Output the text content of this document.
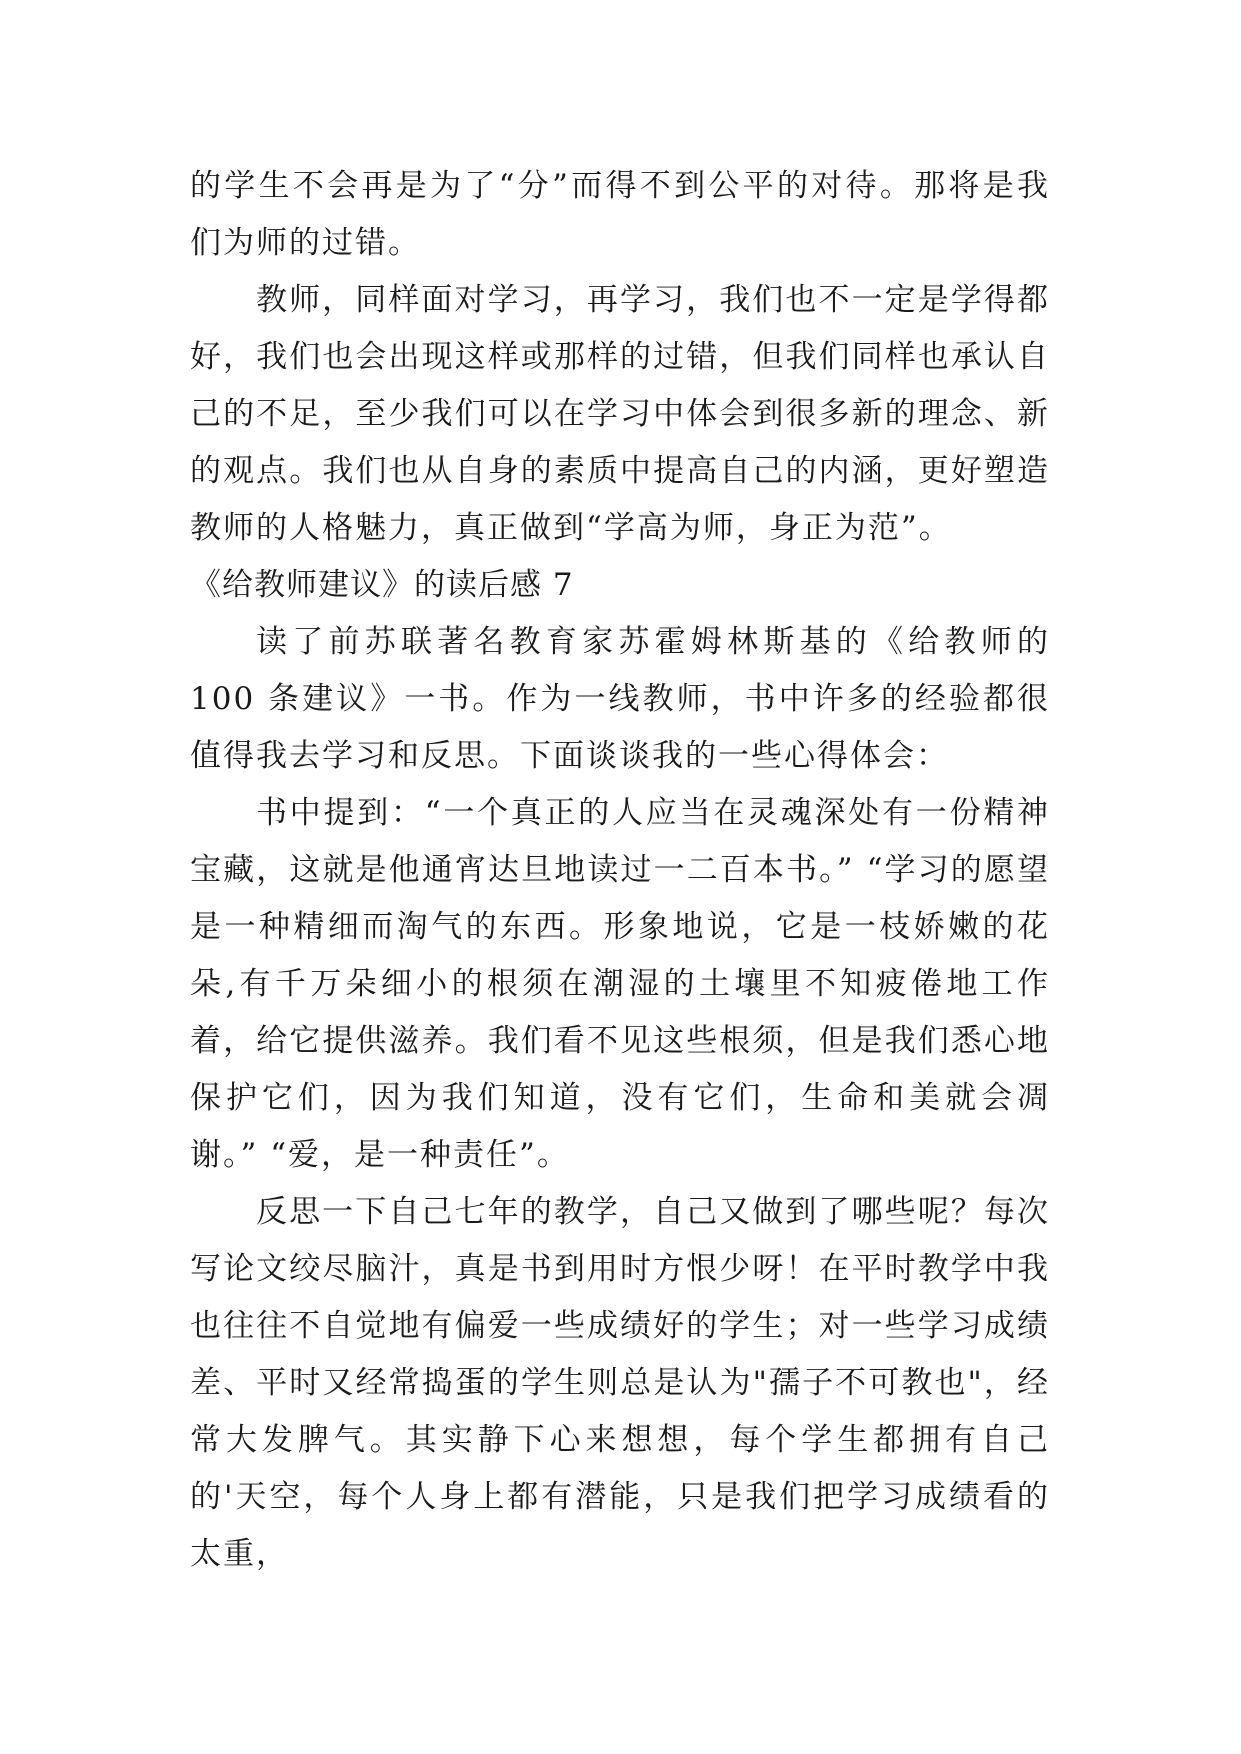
的学生不会再是为了“分”而得不到公平的对待。那将是我们为师的过错。

教师，同样面对学习，再学习，我们也不一定是学得都好，我们也会出现这样或那样的过错，但我们同样也承认自己的不足，至少我们可以在学习中体会到很多新的理念、新的观点。我们也从自身的素质中提高自己的内涵，更好塑造教师的人格魅力，真正做到“学高为师，身正为范”。

《给教师建议》的读后感 7

读了前苏联著名教育家苏霍姆林斯基的《给教师的 100 条建议》一书。作为一线教师，书中许多的经验都很值得我去学习和反思。下面谈谈我的一些心得体会：

书中提到：“一个真正的人应当在灵魂深处有一份精神宝藏，这就是他通宵达旦地读过一二百本书。” “学习的愿望是一种精细而淘气的东西。形象地说，它是一枝娇嫩的花朵,有千万朵细小的根须在潮湿的土壤里不知疲倦地工作着，给它提供滋养。我们看不见这些根须，但是我们悉心地保护它们，因为我们知道，没有它们，生命和美就会凋谢。” “爱，是一种责任”。

反思一下自己七年的教学，自己又做到了哪些呢？每次写论文绞尽脑汁，真是书到用时方恨少呀！在平时教学中我也往往不自觉地有偏爱一些成绩好的学生；对一些学习成绩差、平时又经常捣蛋的学生则总是认为"孺子不可教也"，经常大发脾气。其实静下心来想想，每个学生都拥有自己的'天空，每个人身上都有潜能，只是我们把学习成绩看的太重，
